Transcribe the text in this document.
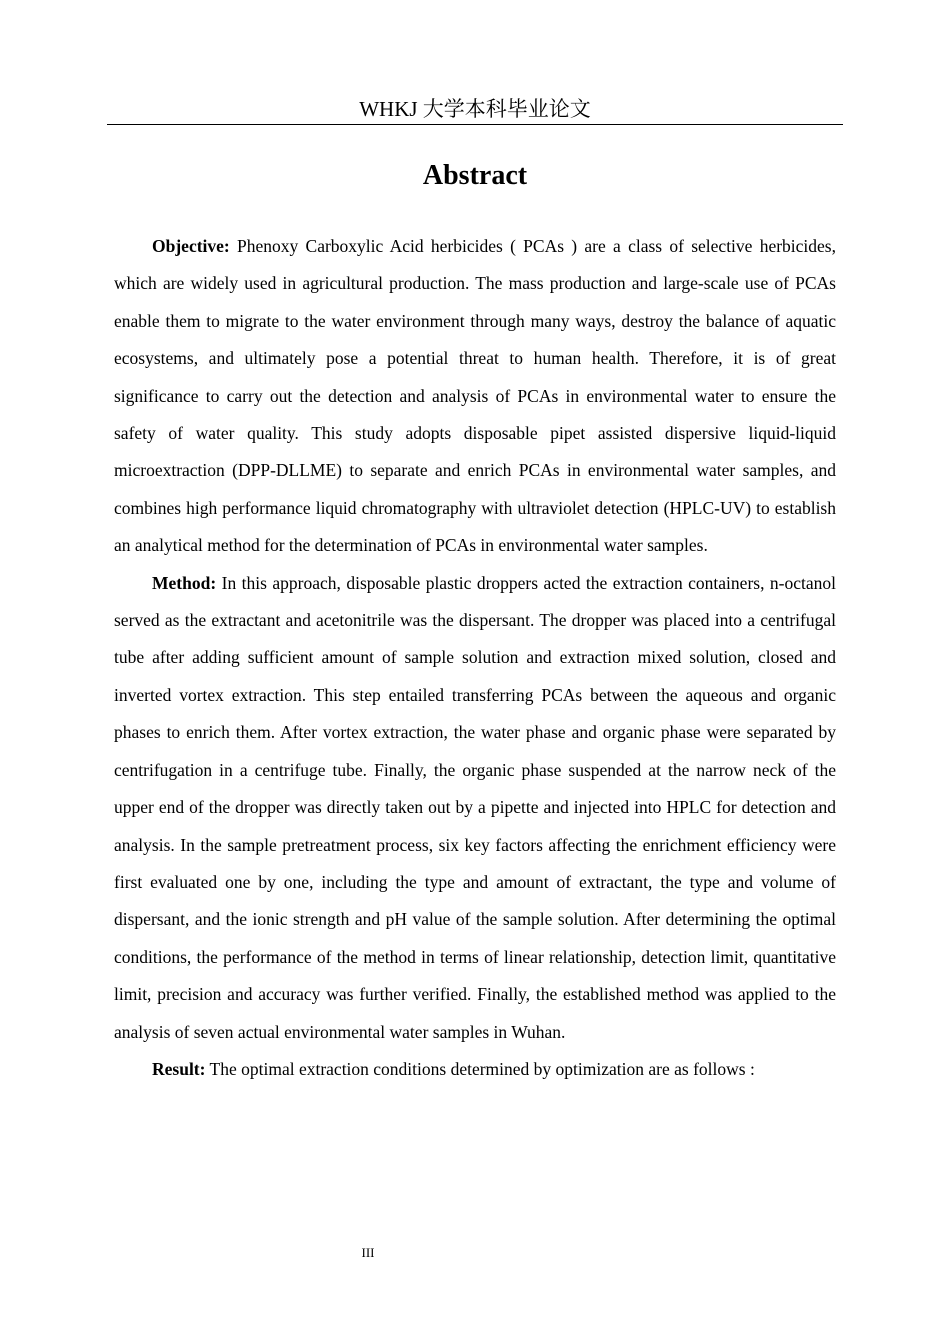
WHKJ 大学本科毕业论文
Abstract

Objective: Phenoxy Carboxylic Acid herbicides ( PCAs ) are a class of selective herbicides, which are widely used in agricultural production. The mass production and large-scale use of PCAs enable them to migrate to the water environment through many ways, destroy the balance of aquatic ecosystems, and ultimately pose a potential threat to human health. Therefore, it is of great significance to carry out the detection and analysis of PCAs in environmental water to ensure the safety of water quality. This study adopts disposable pipet assisted dispersive liquid-liquid microextraction (DPP-DLLME) to separate and enrich PCAs in environmental water samples, and combines high performance liquid chromatography with ultraviolet detection (HPLC-UV) to establish an analytical method for the determination of PCAs in environmental water samples.

Method: In this approach, disposable plastic droppers acted the extraction containers, n-octanol served as the extractant and acetonitrile was the dispersant. The dropper was placed into a centrifugal tube after adding sufficient amount of sample solution and extraction mixed solution, closed and inverted vortex extraction. This step entailed transferring PCAs between the aqueous and organic phases to enrich them. After vortex extraction, the water phase and organic phase were separated by centrifugation in a centrifuge tube. Finally, the organic phase suspended at the narrow neck of the upper end of the dropper was directly taken out by a pipette and injected into HPLC for detection and analysis. In the sample pretreatment process, six key factors affecting the enrichment efficiency were first evaluated one by one, including the type and amount of extractant, the type and volume of dispersant, and the ionic strength and pH value of the sample solution. After determining the optimal conditions, the performance of the method in terms of linear relationship, detection limit, quantitative limit, precision and accuracy was further verified. Finally, the established method was applied to the analysis of seven actual environmental water samples in Wuhan.

Result: The optimal extraction conditions determined by optimization are as follows :

III
